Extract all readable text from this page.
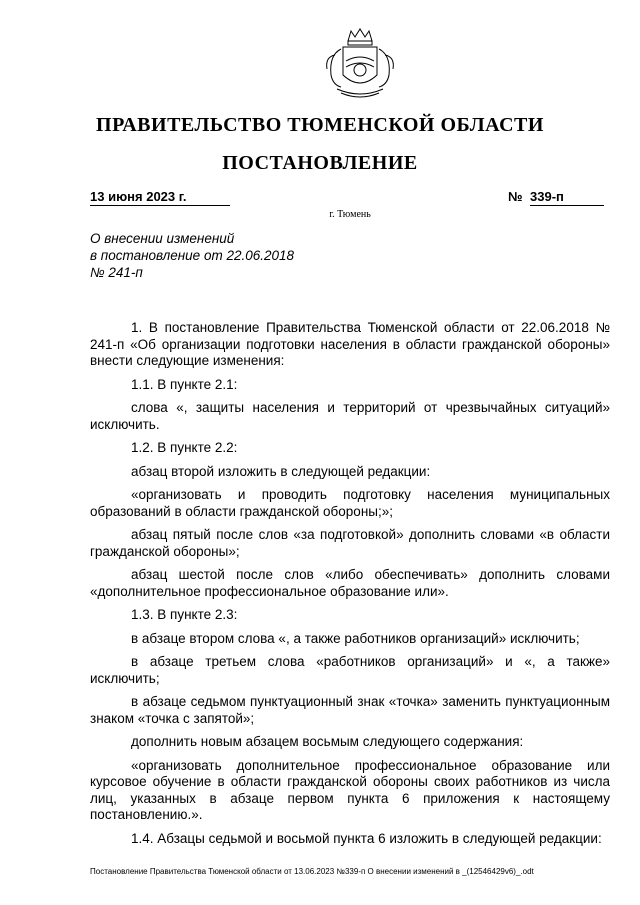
ПРАВИТЕЛЬСТВО ТЮМЕНСКОЙ ОБЛАСТИ
ПОСТАНОВЛЕНИЕ
13 июня 2023 г.	№ 339-п
г. Тюмень
О внесении изменений
в постановление от 22.06.2018
№ 241-п

1. В постановление Правительства Тюменской области от 22.06.2018 № 241-п «Об организации подготовки населения в области гражданской обороны» внести следующие изменения:

1.1. В пункте 2.1:

слова «, защиты населения и территорий от чрезвычайных ситуаций» исключить.

1.2. В пункте 2.2:

абзац второй изложить в следующей редакции:

«организовать и проводить подготовку населения муниципальных образований в области гражданской обороны;»;

абзац пятый после слов «за подготовкой» дополнить словами «в области гражданской обороны»;

абзац шестой после слов «либо обеспечивать» дополнить словами «дополнительное профессиональное образование или».

1.3. В пункте 2.3:

в абзаце втором слова «, а также работников организаций» исключить;

в абзаце третьем слова «работников организаций» и «, а также» исключить;

в абзаце седьмом пунктуационный знак «точка» заменить пунктуационным знаком «точка с запятой»;

дополнить новым абзацем восьмым следующего содержания:

«организовать дополнительное профессиональное образование или курсовое обучение в области гражданской обороны своих работников из числа лиц, указанных в абзаце первом пункта 6 приложения к настоящему постановлению.».

1.4. Абзацы седьмой и восьмой пункта 6 изложить в следующей редакции:

Постановление Правительства Тюменской области от 13.06.2023 №339-п О внесении изменений в _(12546429v6)_.odt
